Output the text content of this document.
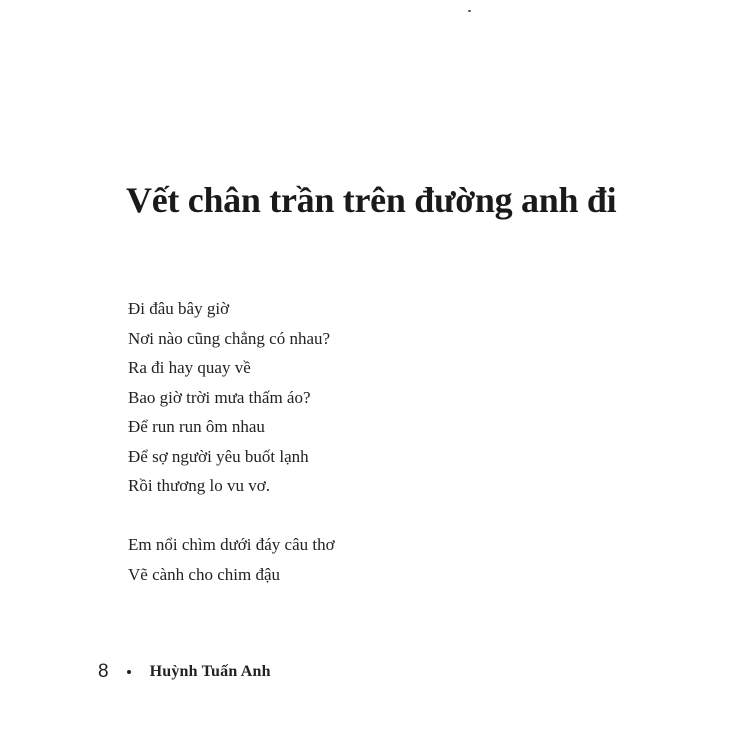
Vết chân trần trên đường anh đi
Đi đâu bây giờ
Nơi nào cũng chẳng có nhau?
Ra đi hay quay về
Bao giờ trời mưa thấm áo?
Để run run ôm nhau
Để sợ người yêu buốt lạnh
Rồi thương lo vu vơ.
Em nổi chìm dưới đáy câu thơ
Vẽ cành cho chim đậu
8	Huỳnh Tuấn Anh
